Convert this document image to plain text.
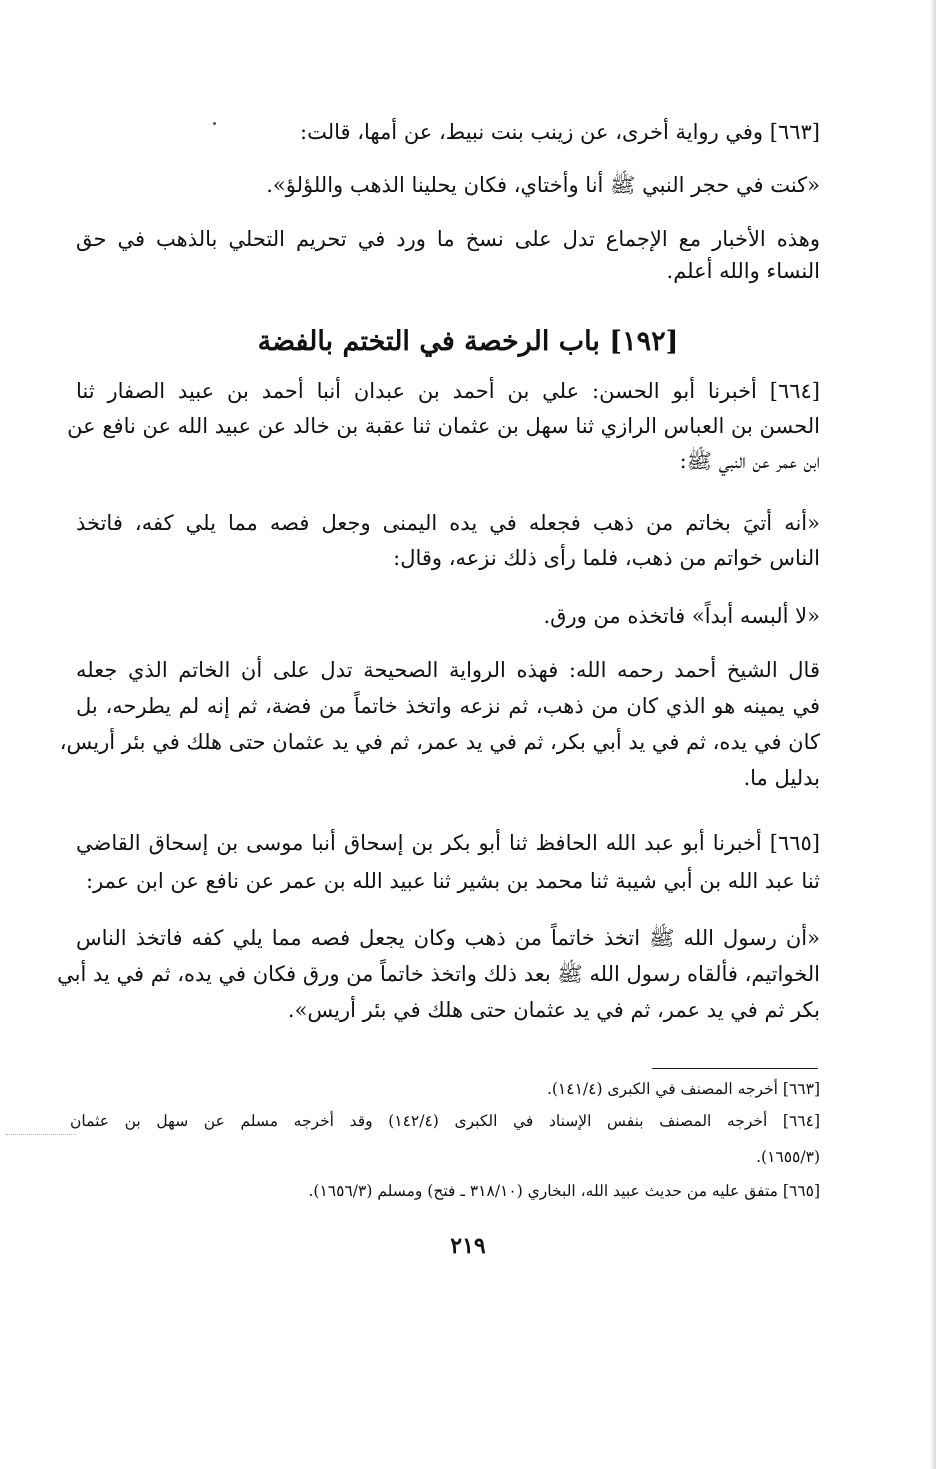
[٦٦٣] وفي رواية أخرى، عن زينب بنت نبيط، عن أمها، قالت:
«كنت في حجر النبي ﷺ أنا وأختاي، فكان يحلينا الذهب واللؤلؤ».
وهذه الأخبار مع الإجماع تدل على نسخ ما ورد في تحريم التحلي بالذهب في حق
النساء والله أعلم.
[١٩٢] باب الرخصة في التختم بالفضة
[٦٦٤] أخبرنا أبو الحسن: علي بن أحمد بن عبدان أنبا أحمد بن عبيد الصفار ثنا
الحسن بن العباس الرازي ثنا سهل بن عثمان ثنا عقبة بن خالد عن عبيد الله عن نافع عن
ابن عمر عن النبي ﷺ:
«أنه أتيَ بخاتم من ذهب فجعله في يده اليمنى وجعل فصه مما يلي كفه، فاتخذ
الناس خواتم من ذهب، فلما رأى ذلك نزعه، وقال:
«لا ألبسه أبداً» فاتخذه من ورق.
قال الشيخ أحمد رحمه الله: فهذه الرواية الصحيحة تدل على أن الخاتم الذي جعله
في يمينه هو الذي كان من ذهب، ثم نزعه واتخذ خاتماً من فضة، ثم إنه لم يطرحه، بل
كان في يده، ثم في يد أبي بكر، ثم في يد عمر، ثم في يد عثمان حتى هلك في بئر أريس،
بدليل ما.
[٦٦٥] أخبرنا أبو عبد الله الحافظ ثنا أبو بكر بن إسحاق أنبا موسى بن إسحاق القاضي
ثنا عبد الله بن أبي شيبة ثنا محمد بن بشير ثنا عبيد الله بن عمر عن نافع عن ابن عمر:
«أن رسول الله ﷺ اتخذ خاتماً من ذهب وكان يجعل فصه مما يلي كفه فاتخذ الناس
الخواتيم، فألقاه رسول الله ﷺ بعد ذلك واتخذ خاتماً من ورق فكان في يده، ثم في يد أبي
بكر ثم في يد عمر، ثم في يد عثمان حتى هلك في بئر أريس».
[٦٦٣] أخرجه المصنف في الكبرى (١٤١/٤).
[٦٦٤] أخرجه المصنف بنفس الإسناد في الكبرى (١٤٢/٤) وقد أخرجه مسلم عن سهل بن عثمان
(١٦٥٥/٣).
[٦٦٥] متفق عليه من حديث عبيد الله، البخاري (٣١٨/١٠ ـ فتح) ومسلم (١٦٥٦/٣).
٢١٩
